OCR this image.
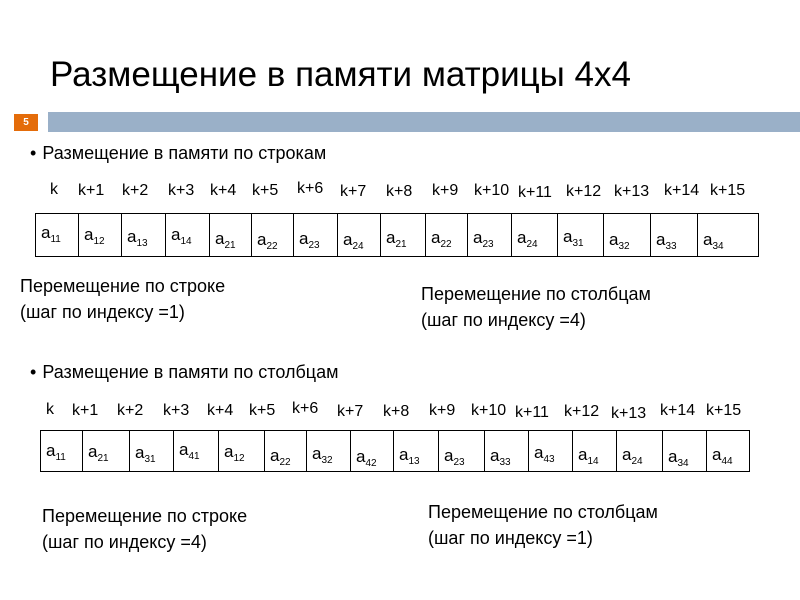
Размещение в памяти матрицы 4х4
5
• Размещение в памяти по строкам
k k+1 k+2 k+3 k+4 k+5 k+6 k+7 k+8 k+9 k+10 k+11 k+12 k+13 k+14 k+15
$a_{11}$ $a_{12}$ $a_{13}$ $a_{14}$ $a_{21}$ $a_{22}$ $a_{23}$ $a_{24}$ $a_{21}$ $a_{22}$ $a_{23}$ $a_{24}$ $a_{31}$ $a_{32}$ $a_{33}$ $a_{34}$
Перемещение по строке
(шаг по индексу =1)
Перемещение по столбцам
(шаг по индексу =4)
• Размещение в памяти по столбцам
k k+1 k+2 k+3 k+4 k+5 k+6 k+7 k+8 k+9 k+10 k+11 k+12 k+13 k+14 k+15
$a_{11}$ $a_{21}$ $a_{31}$
$a_{41}$ $a_{12}$ $a_{22}$ $a_{32}$ $a_{42}$ $a_{13}$ $a_{23}$ $a_{33}$
$a_{43}$ $a_{14}$ $a_{24}$ $a_{34}$ $a_{44}$
Перемещение по строке
(шаг по индексу =4)
Перемещение по столбцам
(шаг по индексу =1)
